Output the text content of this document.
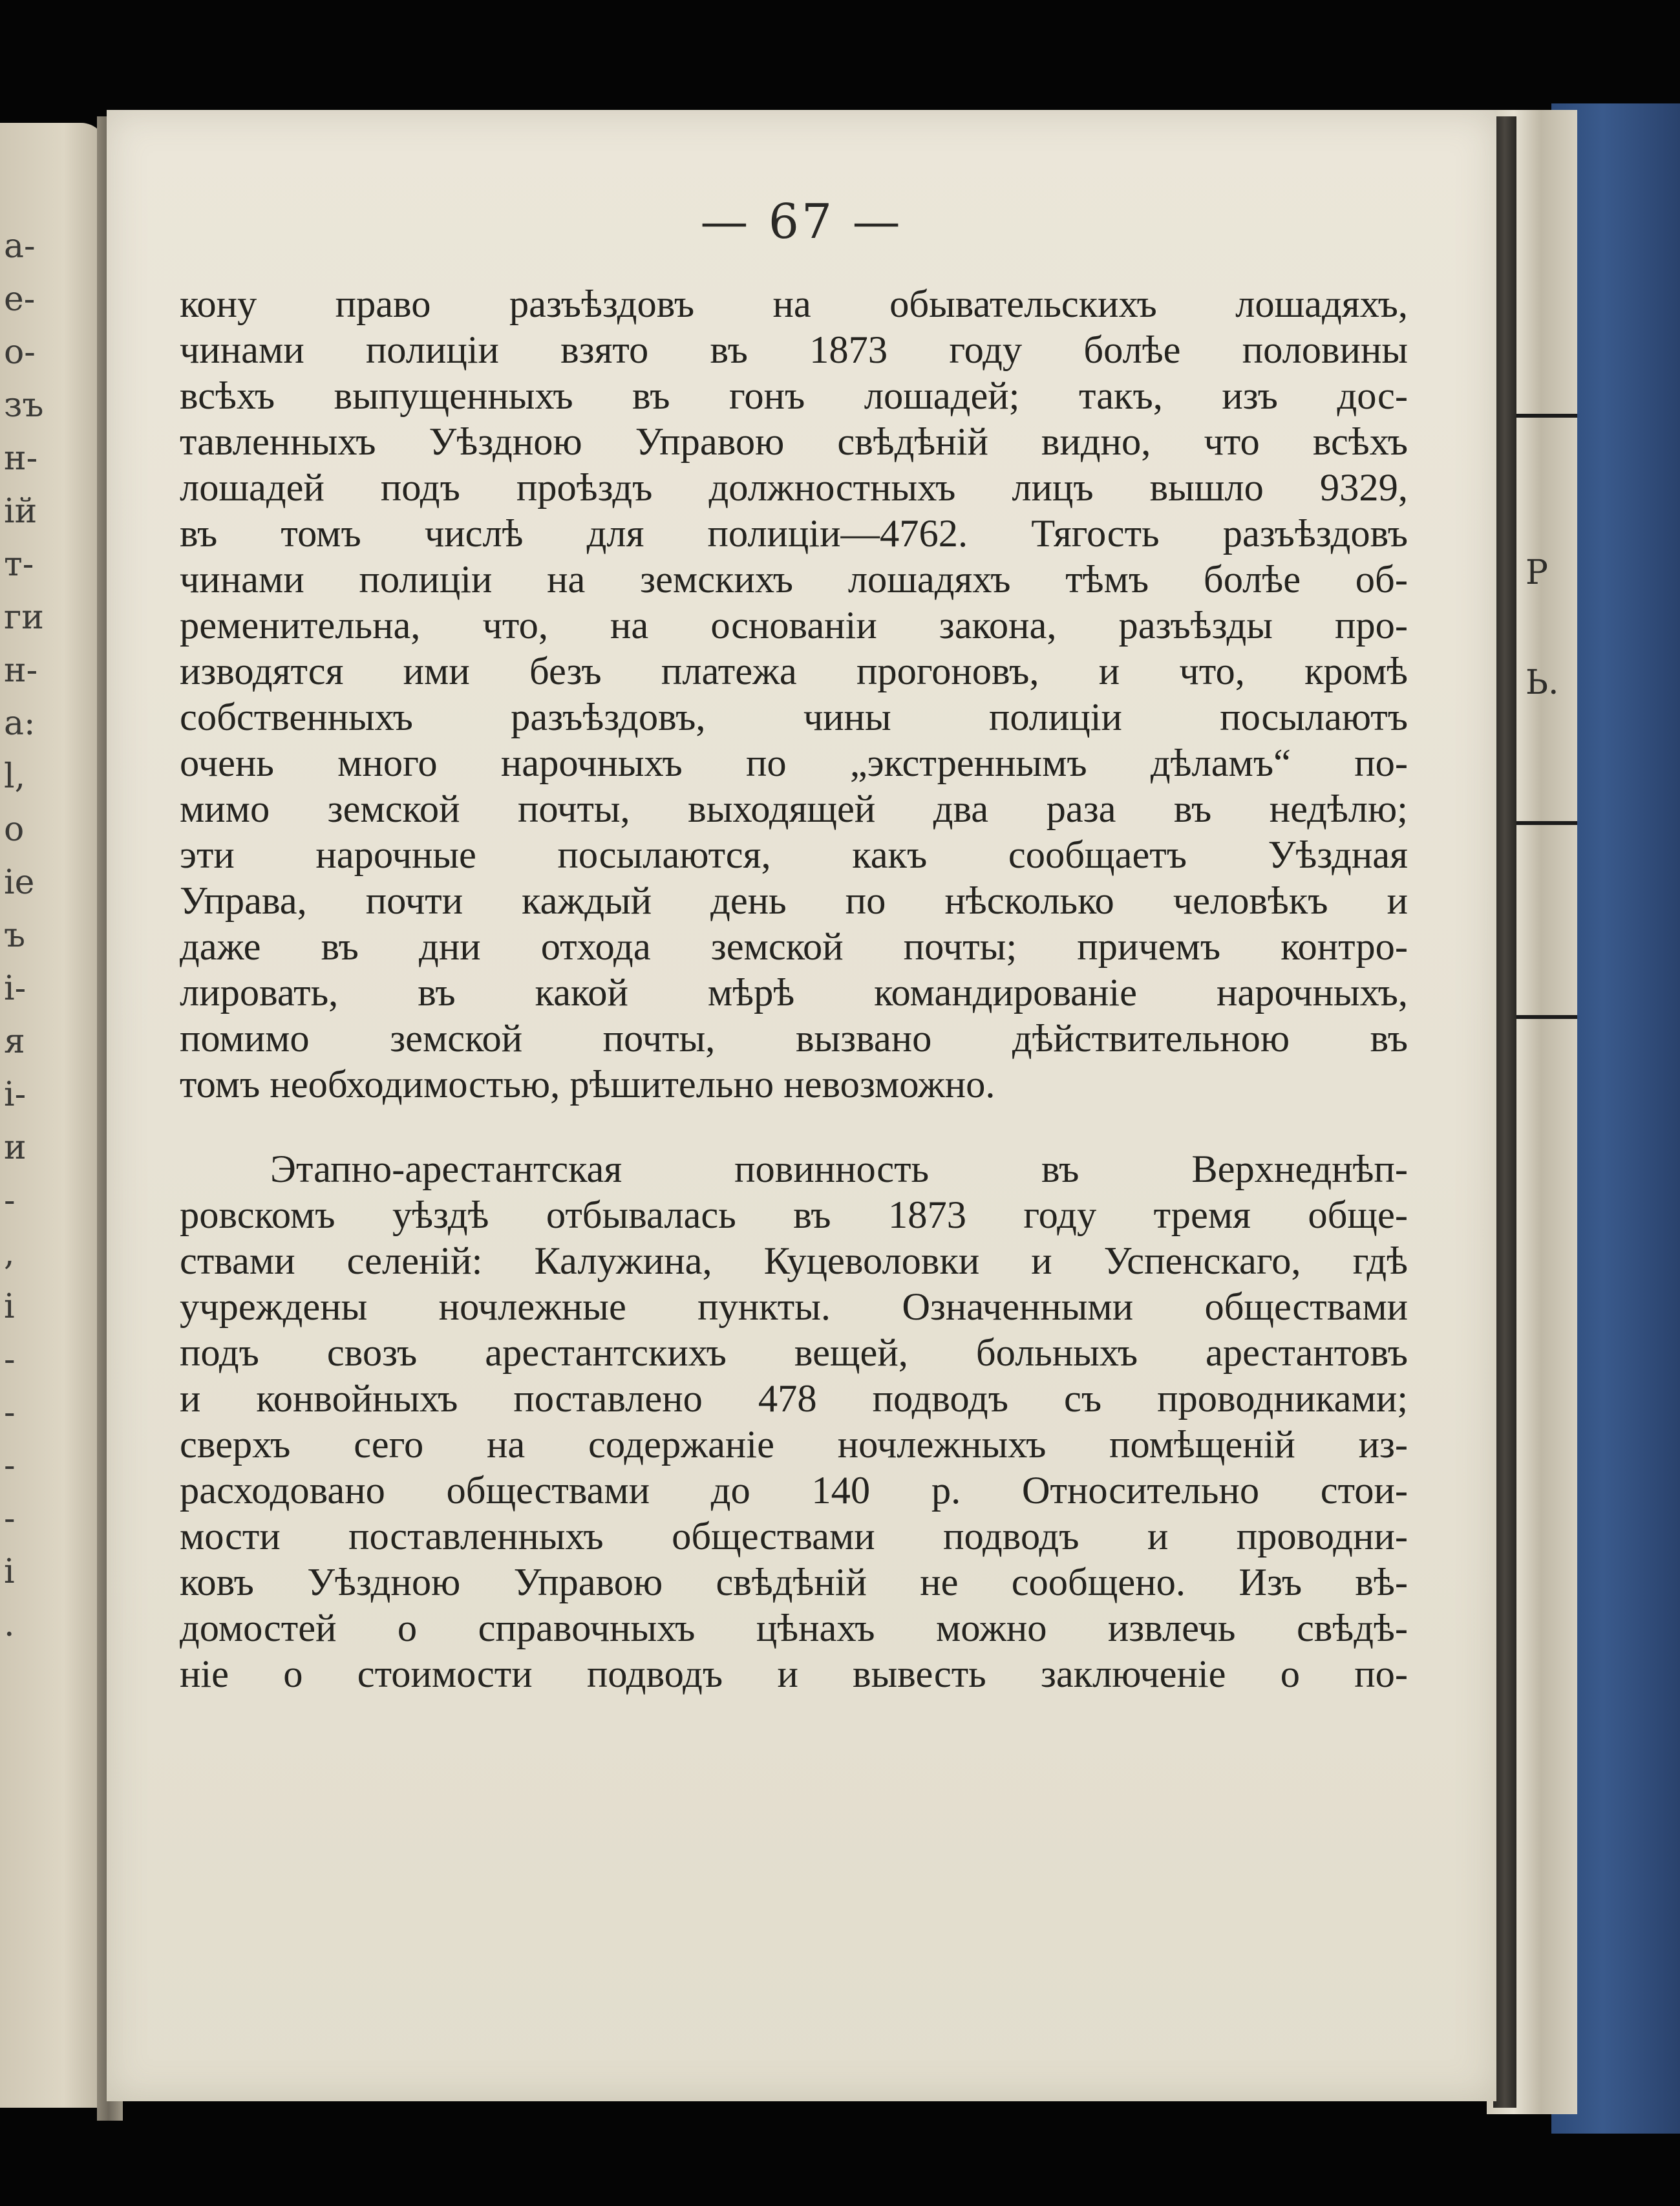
а-
е-
о-
зъ
н-
ій
т-
ги
н-
а:
l,
о
іе
ъ
і-
я
і-
и
-
,
і
-
-
-
-
і
.
Р
Ь.
— 67 —
кону право разъѣздовъ на обывательскихъ лошадяхъ,
чинами полиціи взято въ 1873 году болѣе половины
всѣхъ выпущенныхъ въ гонъ лошадей; такъ, изъ дос-
тавленныхъ Уѣздною Управою свѣдѣній видно, что всѣхъ
лошадей подъ проѣздъ должностныхъ лицъ вышло 9329,
въ томъ числѣ для полиціи—4762. Тягость разъѣздовъ
чинами полиціи на земскихъ лошадяхъ тѣмъ болѣе об-
ременительна, что, на основаніи закона, разъѣзды про-
изводятся ими безъ платежа прогоновъ, и что, кромѣ
собственныхъ разъѣздовъ, чины полиціи посылаютъ
очень много нарочныхъ по „экстреннымъ дѣламъ“ по-
мимо земской почты, выходящей два раза въ недѣлю;
эти нарочные посылаются, какъ сообщаетъ Уѣздная
Управа, почти каждый день по нѣсколько человѣкъ и
даже въ дни отхода земской почты; причемъ контро-
лировать, въ какой мѣрѣ командированіе нарочныхъ,
помимо земской почты, вызвано дѣйствительною въ
томъ необходимостью, рѣшительно невозможно.
Этапно-арестантская повинность въ Верхнеднѣп-
ровскомъ уѣздѣ отбывалась въ 1873 году тремя обще-
ствами селеній: Калужина, Куцеволовки и Успенскаго, гдѣ
учреждены ночлежные пункты. Означенными обществами
подъ свозъ арестантскихъ вещей, больныхъ арестантовъ
и конвойныхъ поставлено 478 подводъ съ проводниками;
сверхъ сего на содержаніе ночлежныхъ помѣщеній из-
расходовано обществами до 140 р. Относительно стои-
мости поставленныхъ обществами подводъ и проводни-
ковъ Уѣздною Управою свѣдѣній не сообщено. Изъ вѣ-
домостей о справочныхъ цѣнахъ можно извлечь свѣдѣ-
ніе о стоимости подводъ и вывесть заключеніе о по-
